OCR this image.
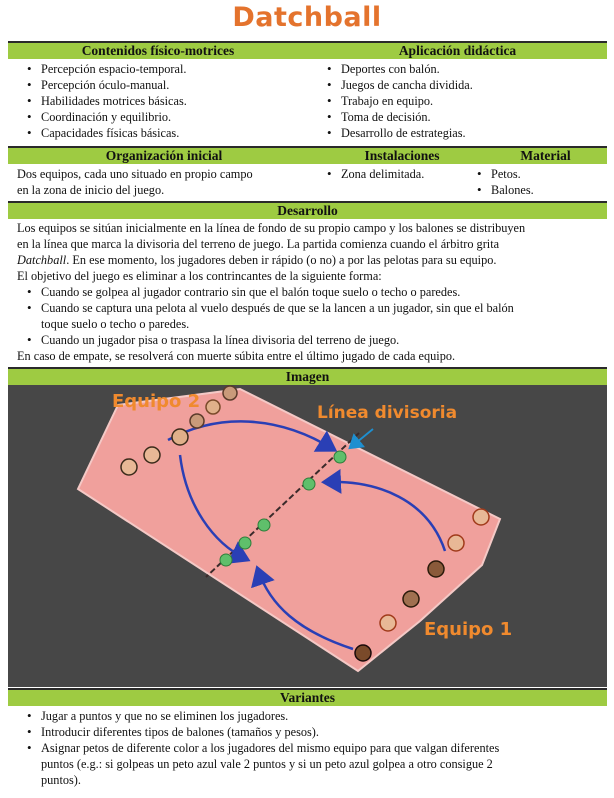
Datchball
Contenidos físico-motrices	Aplicación didáctica
• Percepción espacio-temporal.
• Percepción óculo-manual.
• Habilidades motrices básicas.
• Coordinación y equilibrio.
• Capacidades físicas básicas.
• Deportes con balón.
• Juegos de cancha dividida.
• Trabajo en equipo.
• Toma de decisión.
• Desarrollo de estrategias.
Organización inicial	Instalaciones	Material
Dos equipos, cada uno situado en propio campo
en la zona de inicio del juego.
• Zona delimitada.
•	Petos.
• Balones.
Desarrollo
Los equipos se sitúan inicialmente en la línea de fondo de su propio campo y los balones se distribuyen
en la línea que marca la divisoria del terreno de juego. La partida comienza cuando el árbitro grita
Datchball. En ese momento, los jugadores deben ir rápido (o no) a por las pelotas para su equipo.
El objetivo del juego es eliminar a los contrincantes de la siguiente forma:
• Cuando se golpea al jugador contrario sin que el balón toque suelo o techo o paredes.
• Cuando se captura una pelota al vuelo después de que se la lancen a un jugador, sin que el balón
toque suelo o techo o paredes.
• Cuando un jugador pisa o traspasa la línea divisoria del terreno de juego.
En caso de empate, se resolverá con muerte súbita entre el último jugado de cada equipo.
Imagen
Equipo 2
Línea divisoria
Equipo 1
Variantes
• Jugar a puntos y que no se eliminen los jugadores.
• Introducir diferentes tipos de balones (tamaños y pesos).
• Asignar petos de diferente color a los jugadores del mismo equipo para que valgan diferentes
puntos (e.g.: si golpeas un peto azul vale 2 puntos y si un peto azul golpea a otro consigue 2
puntos).
